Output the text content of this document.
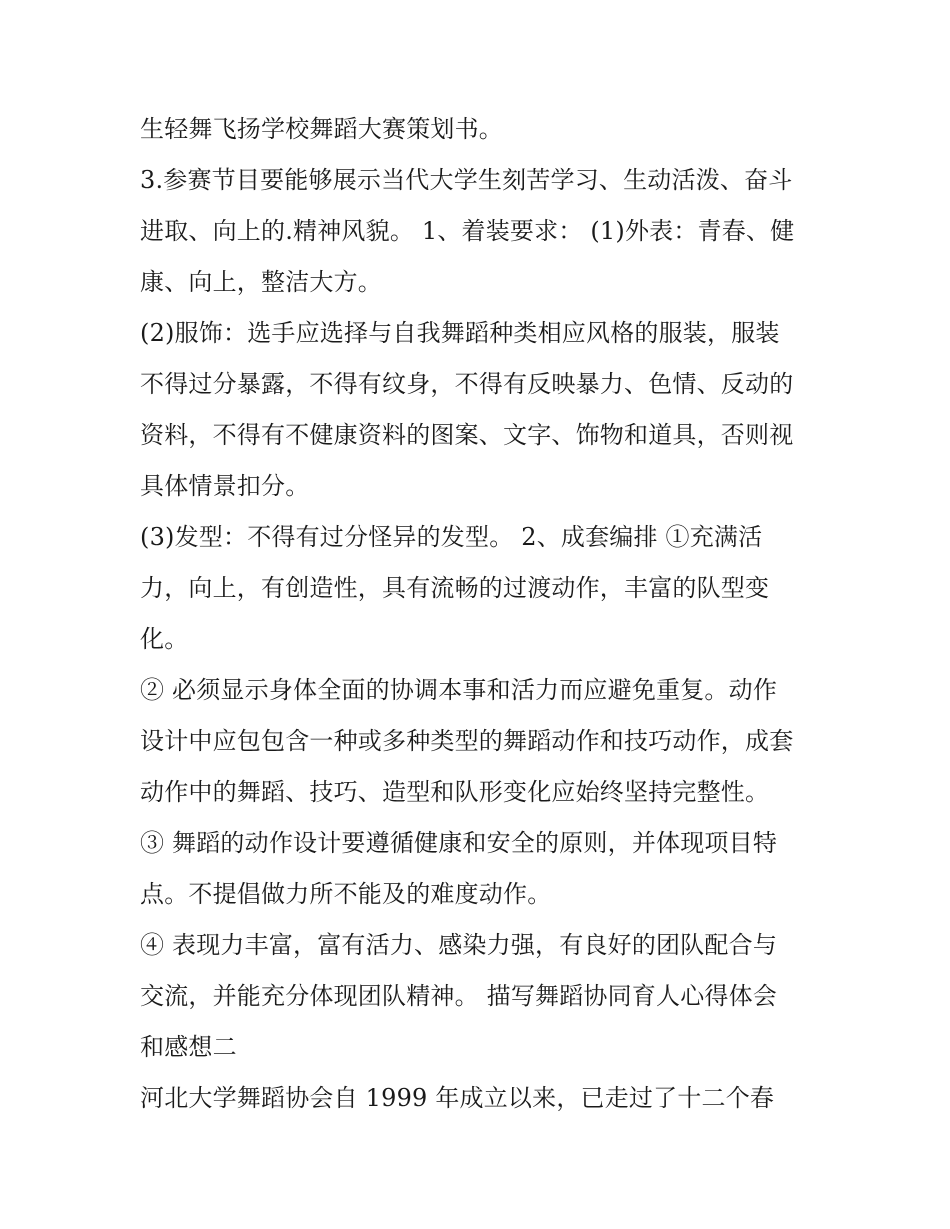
生轻舞飞扬学校舞蹈大赛策划书。
3.参赛节目要能够展示当代大学生刻苦学习、生动活泼、奋斗
进取、向上的.精神风貌。 1、着装要求： (1)外表：青春、健
康、向上，整洁大方。
(2)服饰：选手应选择与自我舞蹈种类相应风格的服装，服装
不得过分暴露，不得有纹身，不得有反映暴力、色情、反动的
资料，不得有不健康资料的图案、文字、饰物和道具，否则视
具体情景扣分。
(3)发型：不得有过分怪异的发型。 2、成套编排 ①充满活
力，向上，有创造性，具有流畅的过渡动作，丰富的队型变
化。
② 必须显示身体全面的协调本事和活力而应避免重复。动作
设计中应包包含一种或多种类型的舞蹈动作和技巧动作，成套
动作中的舞蹈、技巧、造型和队形变化应始终坚持完整性。
③ 舞蹈的动作设计要遵循健康和安全的原则，并体现项目特
点。不提倡做力所不能及的难度动作。
④ 表现力丰富，富有活力、感染力强，有良好的团队配合与
交流，并能充分体现团队精神。 描写舞蹈协同育人心得体会
和感想二
河北大学舞蹈协会自 1999 年成立以来，已走过了十二个春
